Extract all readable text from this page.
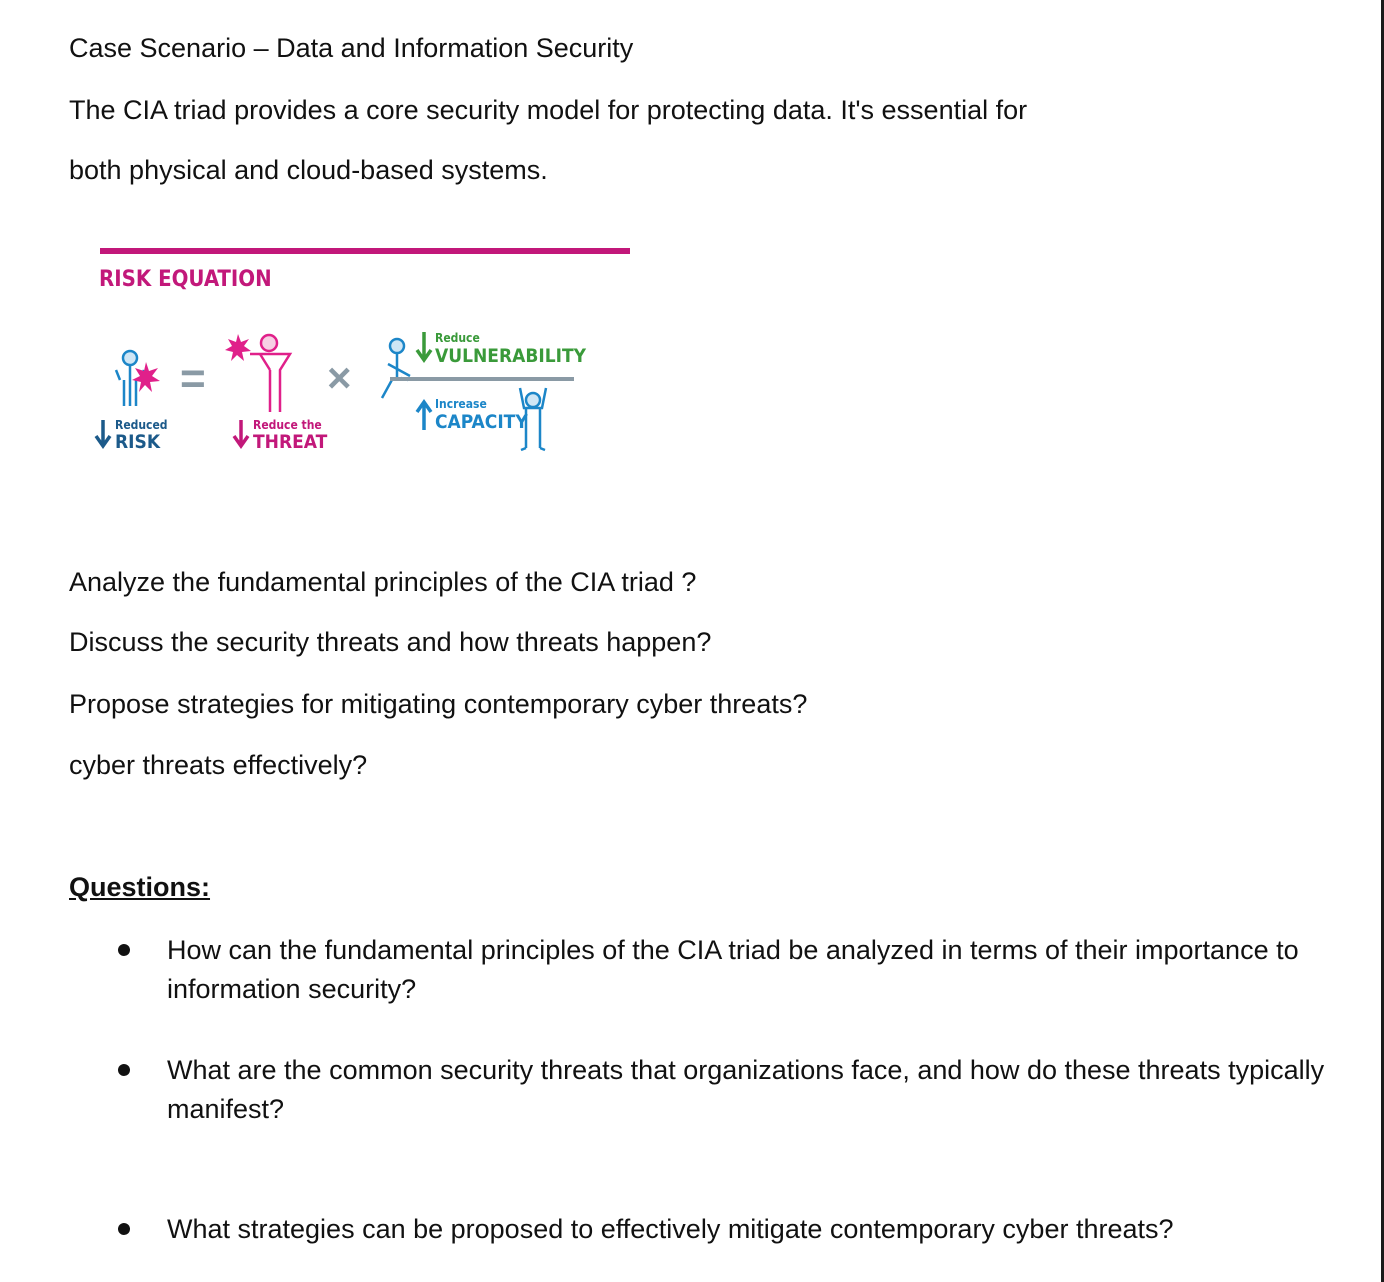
Case Scenario – Data and Information Security
The CIA triad provides a core security model for protecting data. It's essential for
both physical and cloud-based systems.
RISK EQUATION
Reduced
RISK
=
Reduce the
THREAT
×
Reduce
VULNERABILITY
Increase
CAPACITY
Analyze the fundamental principles of the CIA triad ?
Discuss the security threats and how threats happen?
Propose strategies for mitigating contemporary cyber threats?
cyber threats effectively?
Questions:
How can the fundamental principles of the CIA triad be analyzed in terms of their importance to information security?
What are the common security threats that organizations face, and how do these threats typically manifest?
What strategies can be proposed to effectively mitigate contemporary cyber threats?
